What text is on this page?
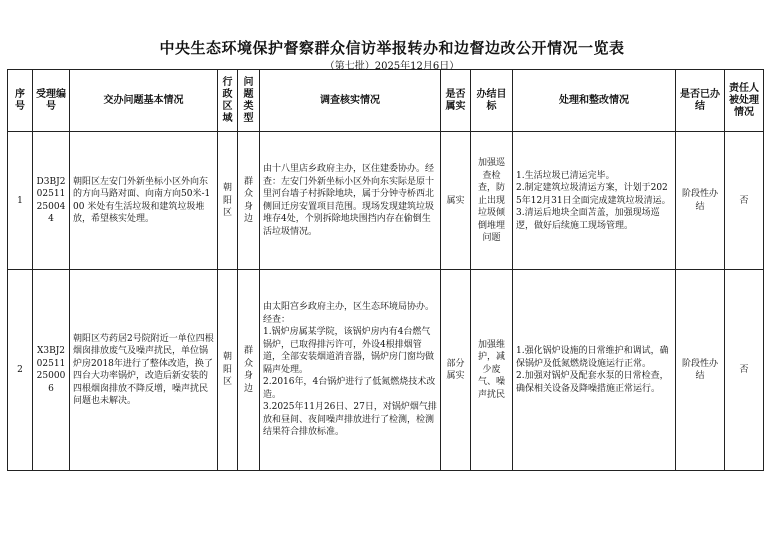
中央生态环境保护督察群众信访举报转办和边督边改公开情况一览表
（第七批）2025年12月6日）
序号	受理编号	交办问题基本情况	行政区域	问题类型	调查核实情况	是否属实	办结目标	处理和整改情况	是否已办结	责任人被处理情况
1	D3BJ202511250044	朝阳区左安门外新坐标小区外向东的方向马路对面、向南方向50米-100 米处有生活垃圾和建筑垃圾堆放，希望核实处理。	朝阳区	群众身边	由十八里店乡政府主办，区住建委协办。经查：左安门外新坐标小区外向东实际是原十里河台墙子村拆除地块，属于分钟寺桥西北侧回迁房安置项目范围。现场发现建筑垃圾堆存4处，个别拆除地块围挡内存在偷倒生活垃圾情况。	属实	加强巡查检查，防止出现垃圾倾倒堆埋问题	1.生活垃圾已清运完毕。
2.制定建筑垃圾清运方案，计划于2025年12月31日全面完成建筑垃圾清运。
3.清运后地块全面苫盖，加强现场巡逻，做好后续施工现场管理。	阶段性办结	否
2	X3BJ202511250006	朝阳区芍药居2号院附近一单位四根烟囱排放废气及噪声扰民，单位锅炉房2018年进行了整体改造，换了四台大功率锅炉，改造后新安装的四根烟囱排放不降反增，噪声扰民问题也未解决。	朝阳区	群众身边	由太阳宫乡政府主办，区生态环境局协办。经查：
1.锅炉房属某学院，该锅炉房内有4台燃气锅炉，已取得排污许可，外设4根排烟管道，全部安装烟道消音器，锅炉房门窗均做隔声处理。
2.2016年，4台锅炉进行了低氮燃烧技术改造。
3.2025年11月26日、27日，对锅炉烟气排放和昼间、夜间噪声排放进行了检测，检测结果符合排放标准。	部分属实	加强维护，减少废气、噪声扰民	1.强化锅炉设施的日常维护和调试，确保锅炉及低氮燃烧设施运行正常。
2.加强对锅炉及配套水泵的日常检查，确保相关设备及降噪措施正常运行。	阶段性办结	否
